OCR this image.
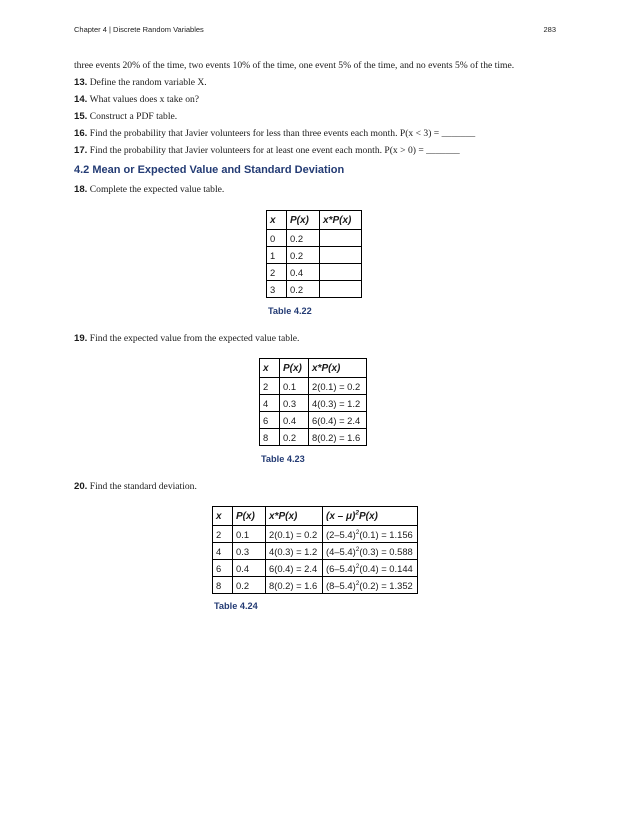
Chapter 4 | Discrete Random Variables	283
three events 20% of the time, two events 10% of the time, one event 5% of the time, and no events 5% of the time.
13. Define the random variable X.
14. What values does x take on?
15. Construct a PDF table.
16. Find the probability that Javier volunteers for less than three events each month. P(x < 3) = _______
17. Find the probability that Javier volunteers for at least one event each month. P(x > 0) = _______
4.2 Mean or Expected Value and Standard Deviation
18. Complete the expected value table.
x	P(x)	x*P(x)
0	0.2	
1	0.2	
2	0.4	
3	0.2	
Table 4.22
19. Find the expected value from the expected value table.
x	P(x)	x*P(x)
2	0.1	2(0.1) = 0.2
4	0.3	4(0.3) = 1.2
6	0.4	6(0.4) = 2.4
8	0.2	8(0.2) = 1.6
Table 4.23
20. Find the standard deviation.
x	P(x)	x*P(x)	(x – μ)$^2$P(x)
2	0.1	2(0.1) = 0.2	$(2-5.4)^2(0.1) = 1.156$
4	0.3	4(0.3) = 1.2	$(4-5.4)^2(0.3) = 0.588$
6	0.4	6(0.4) = 2.4	$(6-5.4)^2(0.4) = 0.144$
8	0.2	8(0.2) = 1.6	$(8-5.4)^2(0.2) = 1.352$
Table 4.24
